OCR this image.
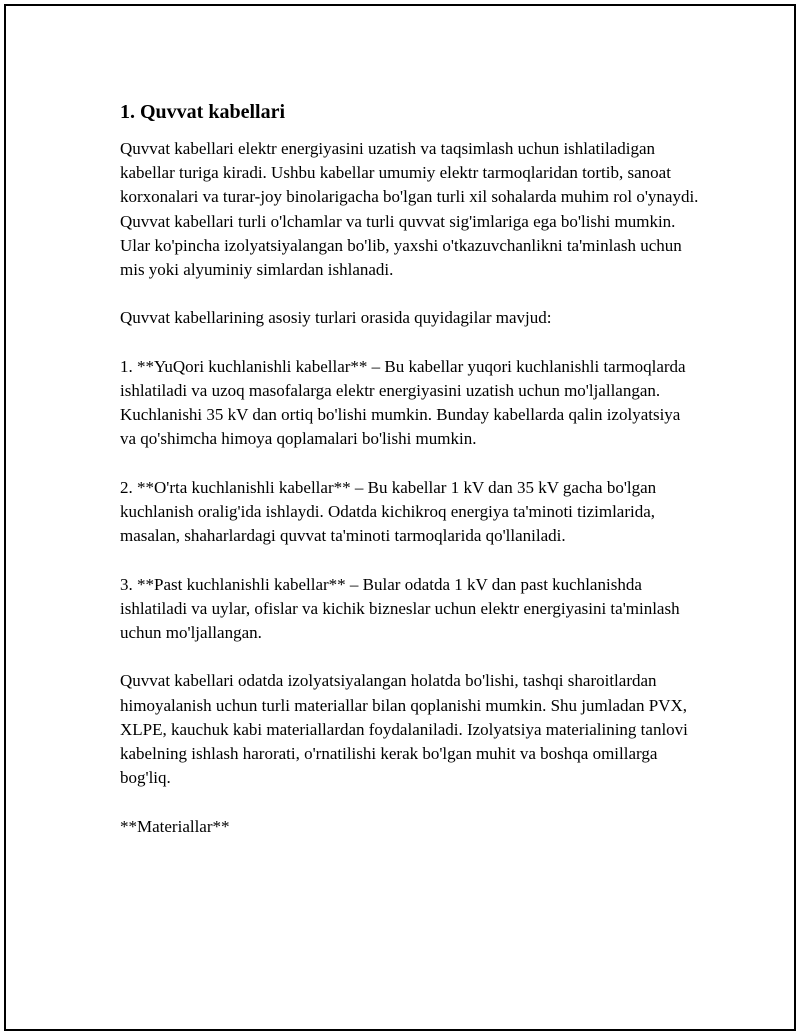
1. Quvvat kabellari

Quvvat kabellari elektr energiyasini uzatish va taqsimlash uchun ishlatiladigan kabellar turiga kiradi. Ushbu kabellar umumiy elektr tarmoqlaridan tortib, sanoat korxonalari va turar-joy binolarigacha bo'lgan turli xil sohalarda muhim rol o'ynaydi. Quvvat kabellari turli o'lchamlar va turli quvvat sig'imlariga ega bo'lishi mumkin. Ular ko'pincha izolyatsiyalangan bo'lib, yaxshi o'tkazuvchanlikni ta'minlash uchun mis yoki alyuminiy simlardan ishlanadi.

Quvvat kabellarining asosiy turlari orasida quyidagilar mavjud:

1. **YuQori kuchlanishli kabellar** – Bu kabellar yuqori kuchlanishli tarmoqlarda ishlatiladi va uzoq masofalarga elektr energiyasini uzatish uchun mo'ljallangan. Kuchlanishi 35 kV dan ortiq bo'lishi mumkin. Bunday kabellarda qalin izolyatsiya va qo'shimcha himoya qoplamalari bo'lishi mumkin.

2. **O'rta kuchlanishli kabellar** – Bu kabellar 1 kV dan 35 kV gacha bo'lgan kuchlanish oralig'ida ishlaydi. Odatda kichikroq energiya ta'minoti tizimlarida, masalan, shaharlardagi quvvat ta'minoti tarmoqlarida qo'llaniladi.

3. **Past kuchlanishli kabellar** – Bular odatda 1 kV dan past kuchlanishda ishlatiladi va uylar, ofislar va kichik bizneslar uchun elektr energiyasini ta'minlash uchun mo'ljallangan.

Quvvat kabellari odatda izolyatsiyalangan holatda bo'lishi, tashqi sharoitlardan himoyalanish uchun turli materiallar bilan qoplanishi mumkin. Shu jumladan PVX, XLPE, kauchuk kabi materiallardan foydalaniladi. Izolyatsiya materialining tanlovi kabelning ishlash harorati, o'rnatilishi kerak bo'lgan muhit va boshqa omillarga bog'liq.

**Materiallar**
